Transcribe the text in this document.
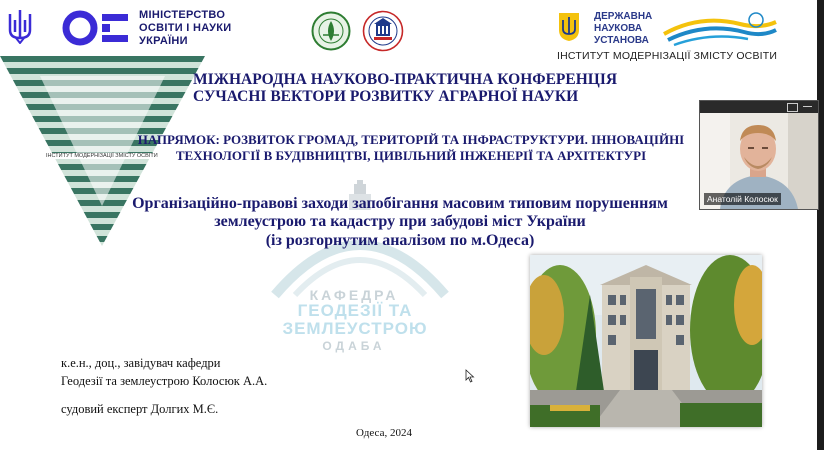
МІНІСТЕРСТВО
ОСВІТИ І НАУКИ
УКРАЇНИ
ДЕРЖАВНА
НАУКОВА
УСТАНОВА
ІНСТИТУТ МОДЕРНІЗАЦІЇ ЗМІСТУ ОСВІТИ
ІНСТИТУТ МОДЕРНІЗАЦІЇ ЗМІСТУ ОСВІТИ
КАФЕДРА
ГЕОДЕЗІЇ ТА
ЗЕМЛЕУСТРОЮ
ОДАБА
МІЖНАРОДНА НАУКОВО-ПРАКТИЧНА КОНФЕРЕНЦІЯ
СУЧАСНІ ВЕКТОРИ РОЗВИТКУ АГРАРНОЇ НАУКИ
НАПРЯМОК: РОЗВИТОК ГРОМАД, ТЕРИТОРІЙ ТА ІНФРАСТРУКТУРИ. ІННОВАЦІЙНІ
ТЕХНОЛОГІЇ В БУДІВНИЦТВІ, ЦИВІЛЬНИЙ ІНЖЕНЕРІЇ ТА АРХІТЕКТУРІ
Організаційно-правові заходи запобігання масовим типовим порушенням
землеустрою та кадастру при забудові міст України
(із розгорнутим аналізом по м.Одеса)
к.е.н., доц., завідувач кафедри
Геодезії та землеустрою Колосюк А.А.
судовий експерт Долгих М.Є.
Одеса, 2024
Анатолій Колосюк
